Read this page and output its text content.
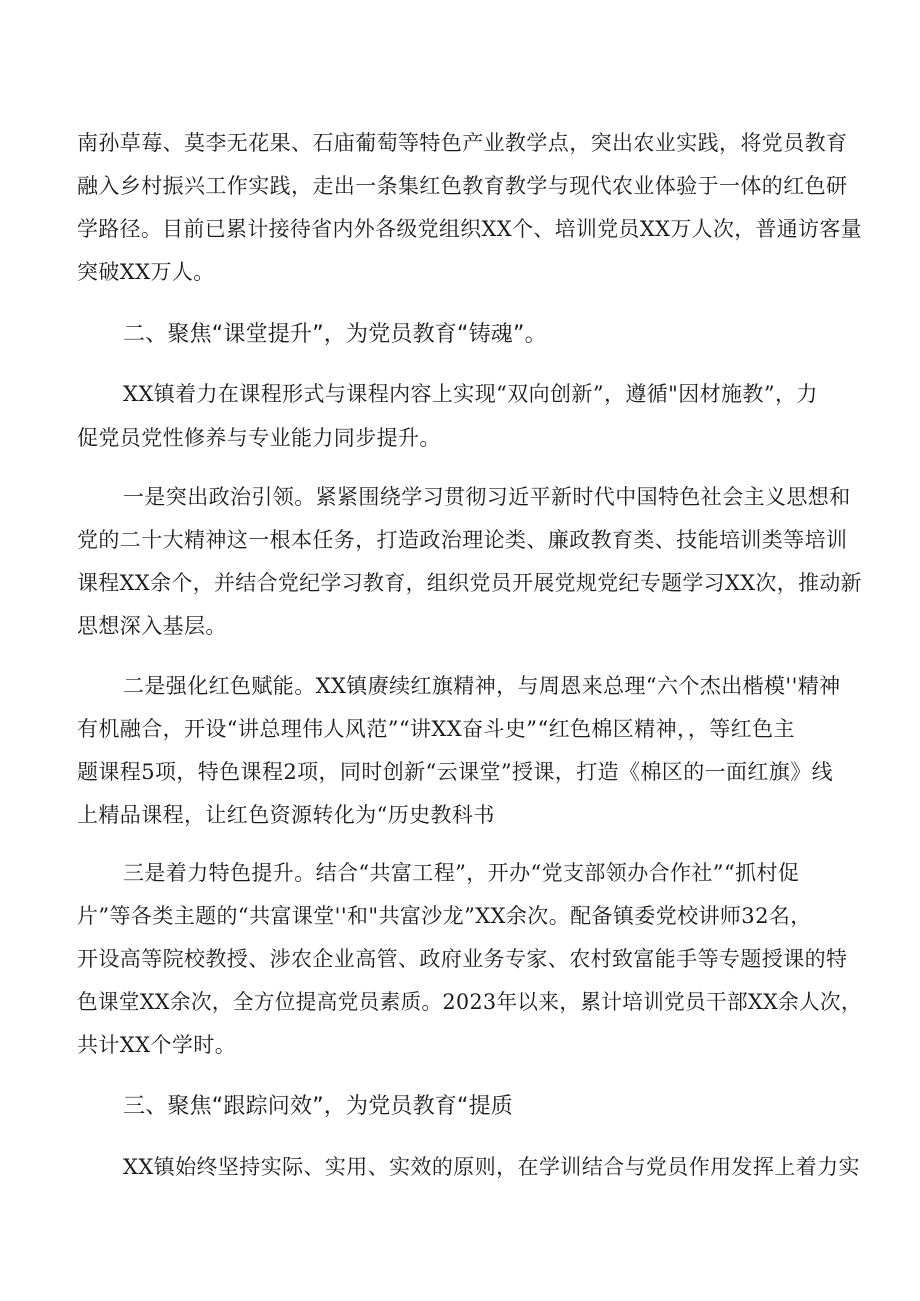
南孙草莓、莫李无花果、石庙葡萄等特色产业教学点，突出农业实践，将党员教育
融入乡村振兴工作实践，走出一条集红色教育教学与现代农业体验于一体的红色研
学路径。目前已累计接待省内外各级党组织XX个、培训党员XX万人次，普通访客量
突破XX万人。
二、聚焦“课堂提升”，为党员教育“铸魂”。
XX镇着力在课程形式与课程内容上实现“双向创新”，遵循"因材施教”，力
促党员党性修养与专业能力同步提升。
一是突出政治引领。紧紧围绕学习贯彻习近平新时代中国特色社会主义思想和
党的二十大精神这一根本任务，打造政治理论类、廉政教育类、技能培训类等培训
课程XX余个，并结合党纪学习教育，组织党员开展党规党纪专题学习XX次，推动新
思想深入基层。
二是强化红色赋能。XX镇赓续红旗精神，与周恩来总理“六个杰出楷模''精神
有机融合，开设“讲总理伟人风范”“讲XX奋斗史”“红色棉区精神，，等红色主
题课程5项，特色课程2项，同时创新“云课堂”授课，打造《棉区的一面红旗》线
上精品课程，让红色资源转化为“历史教科书
三是着力特色提升。结合“共富工程”，开办“党支部领办合作社”“抓村促
片”等各类主题的“共富课堂''和"共富沙龙”XX余次。配备镇委党校讲师32名，
开设高等院校教授、涉农企业高管、政府业务专家、农村致富能手等专题授课的特
色课堂XX余次，全方位提高党员素质。2023年以来，累计培训党员干部XX余人次，
共计XX个学时。
三、聚焦“跟踪问效”，为党员教育“提质
XX镇始终坚持实际、实用、实效的原则，在学训结合与党员作用发挥上着力实
